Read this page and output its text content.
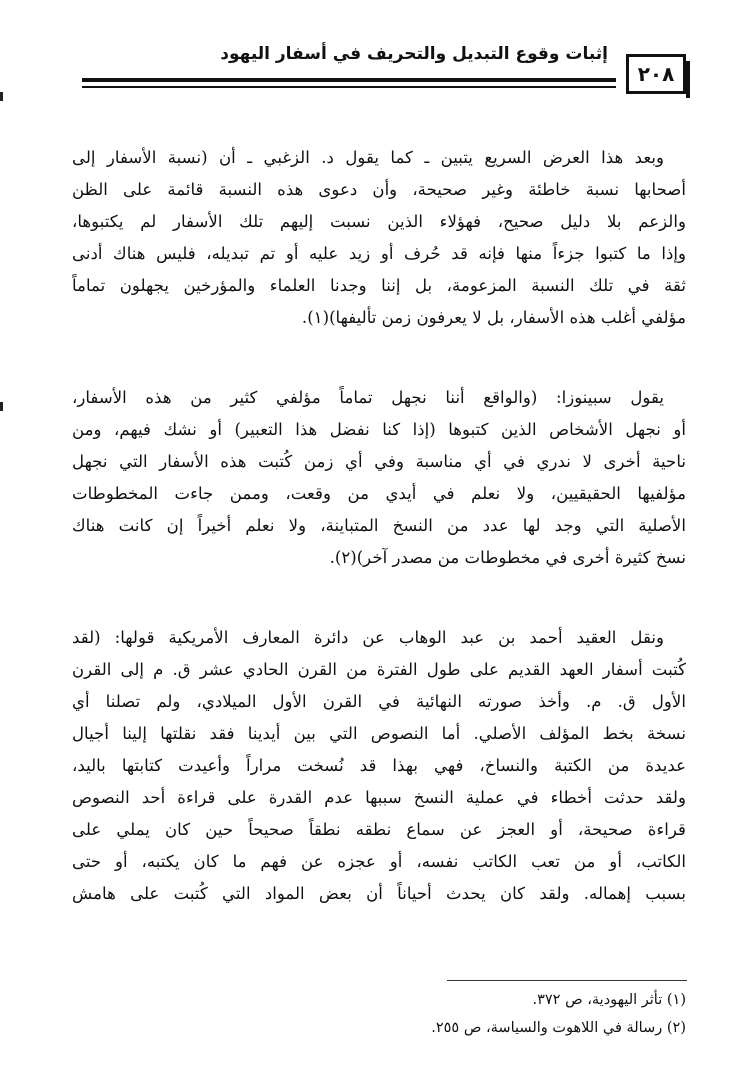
إثبات وقوع التبديل والتحريف في أسفار اليهود
٢٠٨
وبعد هذا العرض السريع يتبين ـ كما يقول د. الزغبي ـ أن (نسبة الأسفار إلى
أصحابها نسبة خاطئة وغير صحيحة، وأن دعوى هذه النسبة قائمة على الظن
والزعم بلا دليل صحيح، فهؤلاء الذين نسبت إليهم تلك الأسفار لم يكتبوها،
وإذا ما كتبوا جزءاً منها فإنه قد حُرف أو زيد عليه أو تم تبديله، فليس هناك أدنى
ثقة في تلك النسبة المزعومة، بل إننا وجدنا العلماء والمؤرخين يجهلون تماماً
مؤلفي أغلب هذه الأسفار، بل لا يعرفون زمن تأليفها)(١).
يقول سبينوزا: (والواقع أننا نجهل تماماً مؤلفي كثير من هذه الأسفار،
أو نجهل الأشخاص الذين كتبوها (إذا كنا نفضل هذا التعبير) أو نشك فيهم، ومن
ناحية أخرى لا ندري في أي مناسبة وفي أي زمن كُتبت هذه الأسفار التي نجهل
مؤلفيها الحقيقيين، ولا نعلم في أيدي من وقعت، وممن جاءت المخطوطات
الأصلية التي وجد لها عدد من النسخ المتباينة، ولا نعلم أخيراً إن كانت هناك
نسخ كثيرة أخرى في مخطوطات من مصدر آخر)(٢).
ونقل العقيد أحمد بن عبد الوهاب عن دائرة المعارف الأمريكية قولها: (لقد
كُتبت أسفار العهد القديم على طول الفترة من القرن الحادي عشر ق. م إلى القرن
الأول ق. م. وأخذ صورته النهائية في القرن الأول الميلادي، ولم تصلنا أي
نسخة بخط المؤلف الأصلي. أما النصوص التي بين أيدينا فقد نقلتها إلينا أجيال
عديدة من الكتبة والنساخ، فهي بهذا قد نُسخت مراراً وأعيدت كتابتها باليد،
ولقد حدثت أخطاء في عملية النسخ سببها عدم القدرة على قراءة أحد النصوص
قراءة صحيحة، أو العجز عن سماع نطقه نطقاً صحيحاً حين كان يملي على
الكاتب، أو من تعب الكاتب نفسه، أو عجزه عن فهم ما كان يكتبه، أو حتى
بسبب إهماله. ولقد كان يحدث أحياناً أن بعض المواد التي كُتبت على هامش
(١) تأثر اليهودية، ص ٣٧٢.
(٢) رسالة في اللاهوت والسياسة، ص ٢٥٥.
